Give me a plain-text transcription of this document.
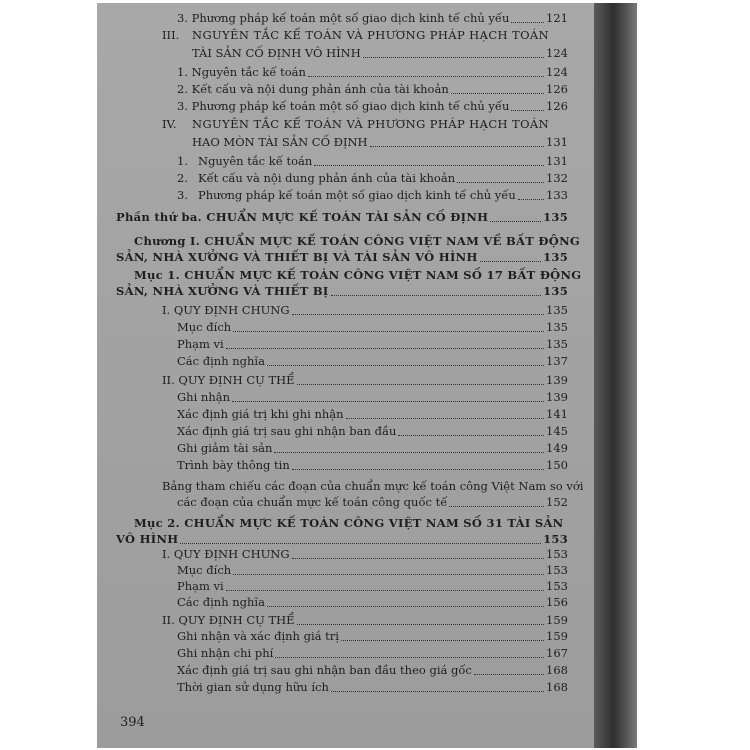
3. Phương pháp kế toán một số giao dịch kinh tế chủ yếu	121
III. NGUYÊN TẮC KẾ TOÁN VÀ PHƯƠNG PHÁP HẠCH TOÁN
TÀI SẢN CỐ ĐỊNH VÔ HÌNH	124
1. Nguyên tắc kế toán	124
2. Kết cấu và nội dung phản ánh của tài khoản	126
3. Phương pháp kế toán một số giao dịch kinh tế chủ yếu	126
IV. NGUYÊN TẮC KẾ TOÁN VÀ PHƯƠNG PHÁP HẠCH TOÁN
HAO MÒN TÀI SẢN CỐ ĐỊNH	131
1. Nguyên tắc kế toán	131
2. Kết cấu và nội dung phản ánh của tài khoản	132
3. Phương pháp kế toán một số giao dịch kinh tế chủ yếu	133
Phần thứ ba. CHUẨN MỰC KẾ TOÁN TÀI SẢN CỐ ĐỊNH	135
Chương I. CHUẨN MỰC KẾ TOÁN CÔNG VIỆT NAM VỀ BẤT ĐỘNG
SẢN, NHÀ XƯỞNG VÀ THIẾT BỊ VÀ TÀI SẢN VÔ HÌNH	135
Mục 1. CHUẨN MỰC KẾ TOÁN CÔNG VIỆT NAM SỐ 17 BẤT ĐỘNG
SẢN, NHÀ XƯỞNG VÀ THIẾT BỊ	135
I. QUY ĐỊNH CHUNG	135
Mục đích	135
Phạm vi	135
Các định nghĩa	137
II. QUY ĐỊNH CỤ THỂ	139
Ghi nhận	139
Xác định giá trị khi ghi nhận	141
Xác định giá trị sau ghi nhận ban đầu	145
Ghi giảm tài sản	149
Trình bày thông tin	150
Bảng tham chiếu các đoạn của chuẩn mực kế toán công Việt Nam so với
các đoạn của chuẩn mực kế toán công quốc tế	152
Mục 2. CHUẨN MỰC KẾ TOÁN CÔNG VIỆT NAM SỐ 31 TÀI SẢN
VÔ HÌNH	153
I. QUY ĐỊNH CHUNG	153
Mục đích	153
Phạm vi	153
Các định nghĩa	156
II. QUY ĐỊNH CỤ THỂ	159
Ghi nhận và xác định giá trị	159
Ghi nhận chi phí	167
Xác định giá trị sau ghi nhận ban đầu theo giá gốc	168
Thời gian sử dụng hữu ích	168
394
